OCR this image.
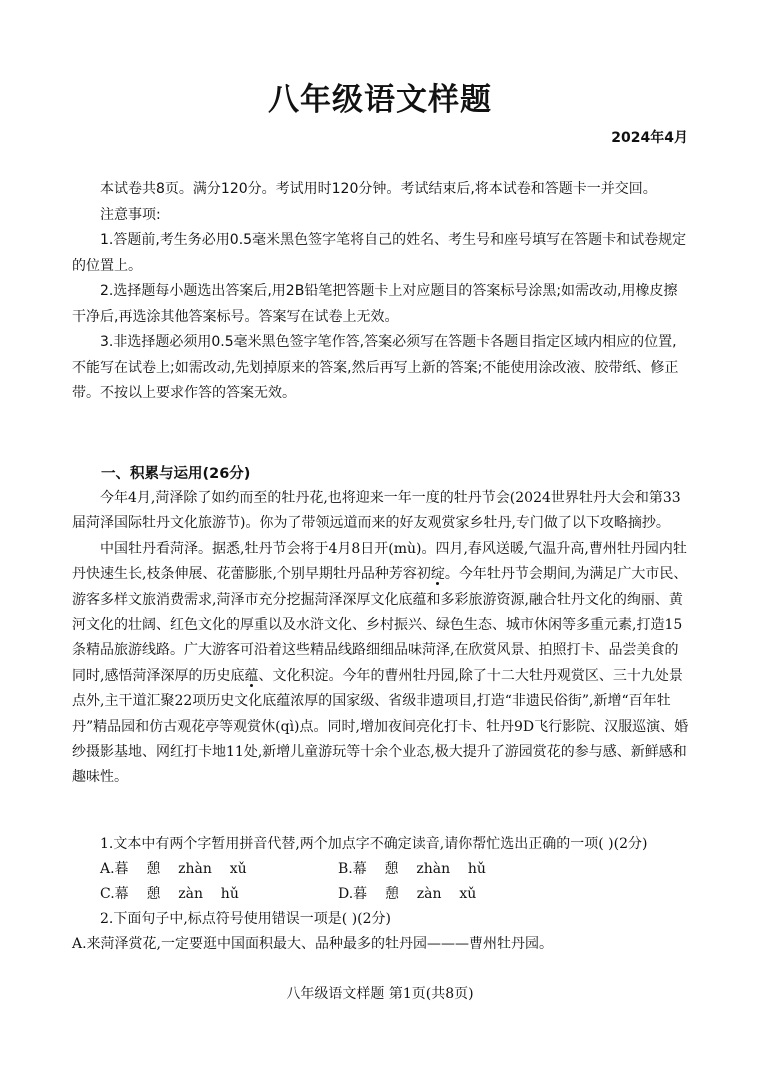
八年级语文样题
2024年4月

本试卷共8页。满分120分。考试用时120分钟。考试结束后,将本试卷和答题卡一并交回。

注意事项:

1.答题前,考生务必用0.5毫米黑色签字笔将自己的姓名、考生号和座号填写在答题卡和试卷规定的位置上。

2.选择题每小题选出答案后,用2B铅笔把答题卡上对应题目的答案标号涂黑;如需改动,用橡皮擦干净后,再选涂其他答案标号。答案写在试卷上无效。

3.非选择题必须用0.5毫米黑色签字笔作答,答案必须写在答题卡各题目指定区域内相应的位置,不能写在试卷上;如需改动,先划掉原来的答案,然后再写上新的答案;不能使用涂改液、胶带纸、修正带。不按以上要求作答的答案无效。

一、积累与运用(26分)

今年4月,菏泽除了如约而至的牡丹花,也将迎来一年一度的牡丹节会(2024世界牡丹大会和第33届菏泽国际牡丹文化旅游节)。你为了带领远道而来的好友观赏家乡牡丹,专门做了以下攻略摘抄。

中国牡丹看菏泽。据悉,牡丹节会将于4月8日开(mù)。四月,春风送暖,气温升高,曹州牡丹园内牡丹快速生长,枝条伸展、花蕾膨胀,个别早期牡丹品种芳容初绽。今年牡丹节会期间,为满足广大市民、游客多样文旅消费需求,菏泽市充分挖掘菏泽深厚文化底蕴和多彩旅游资源,融合牡丹文化的绚丽、黄河文化的壮阔、红色文化的厚重以及水浒文化、乡村振兴、绿色生态、城市休闲等多重元素,打造15条精品旅游线路。广大游客可沿着这些精品线路细细品味菏泽,在欣赏风景、拍照打卡、品尝美食的同时,感悟菏泽深厚的历史底蕴、文化积淀。今年的曹州牡丹园,除了十二大牡丹观赏区、三十九处景点外,主干道汇聚22项历史文化底蕴浓厚的国家级、省级非遗项目,打造“非遗民俗街”,新增“百年牡丹”精品园和仿古观花亭等观赏休(qì)点。同时,增加夜间亮化打卡、牡丹9D飞行影院、汉服巡演、婚纱摄影基地、网红打卡地11处,新增儿童游玩等十余个业态,极大提升了游园赏花的参与感、新鲜感和趣味性。

1.文本中有两个字暂用拼音代替,两个加点字不确定读音,请你帮忙选出正确的一项( )(2分)

A.暮    憩    zhàn    xǔ	B.幕    憩    zhàn    hǔ
C.幕    憩    zàn    hǔ	D.暮    憩    zàn    xǔ

2.下面句子中,标点符号使用错误一项是( )(2分)

A.来菏泽赏花,一定要逛中国面积最大、品种最多的牡丹园———曹州牡丹园。

八年级语文样题 第1页(共8页)
